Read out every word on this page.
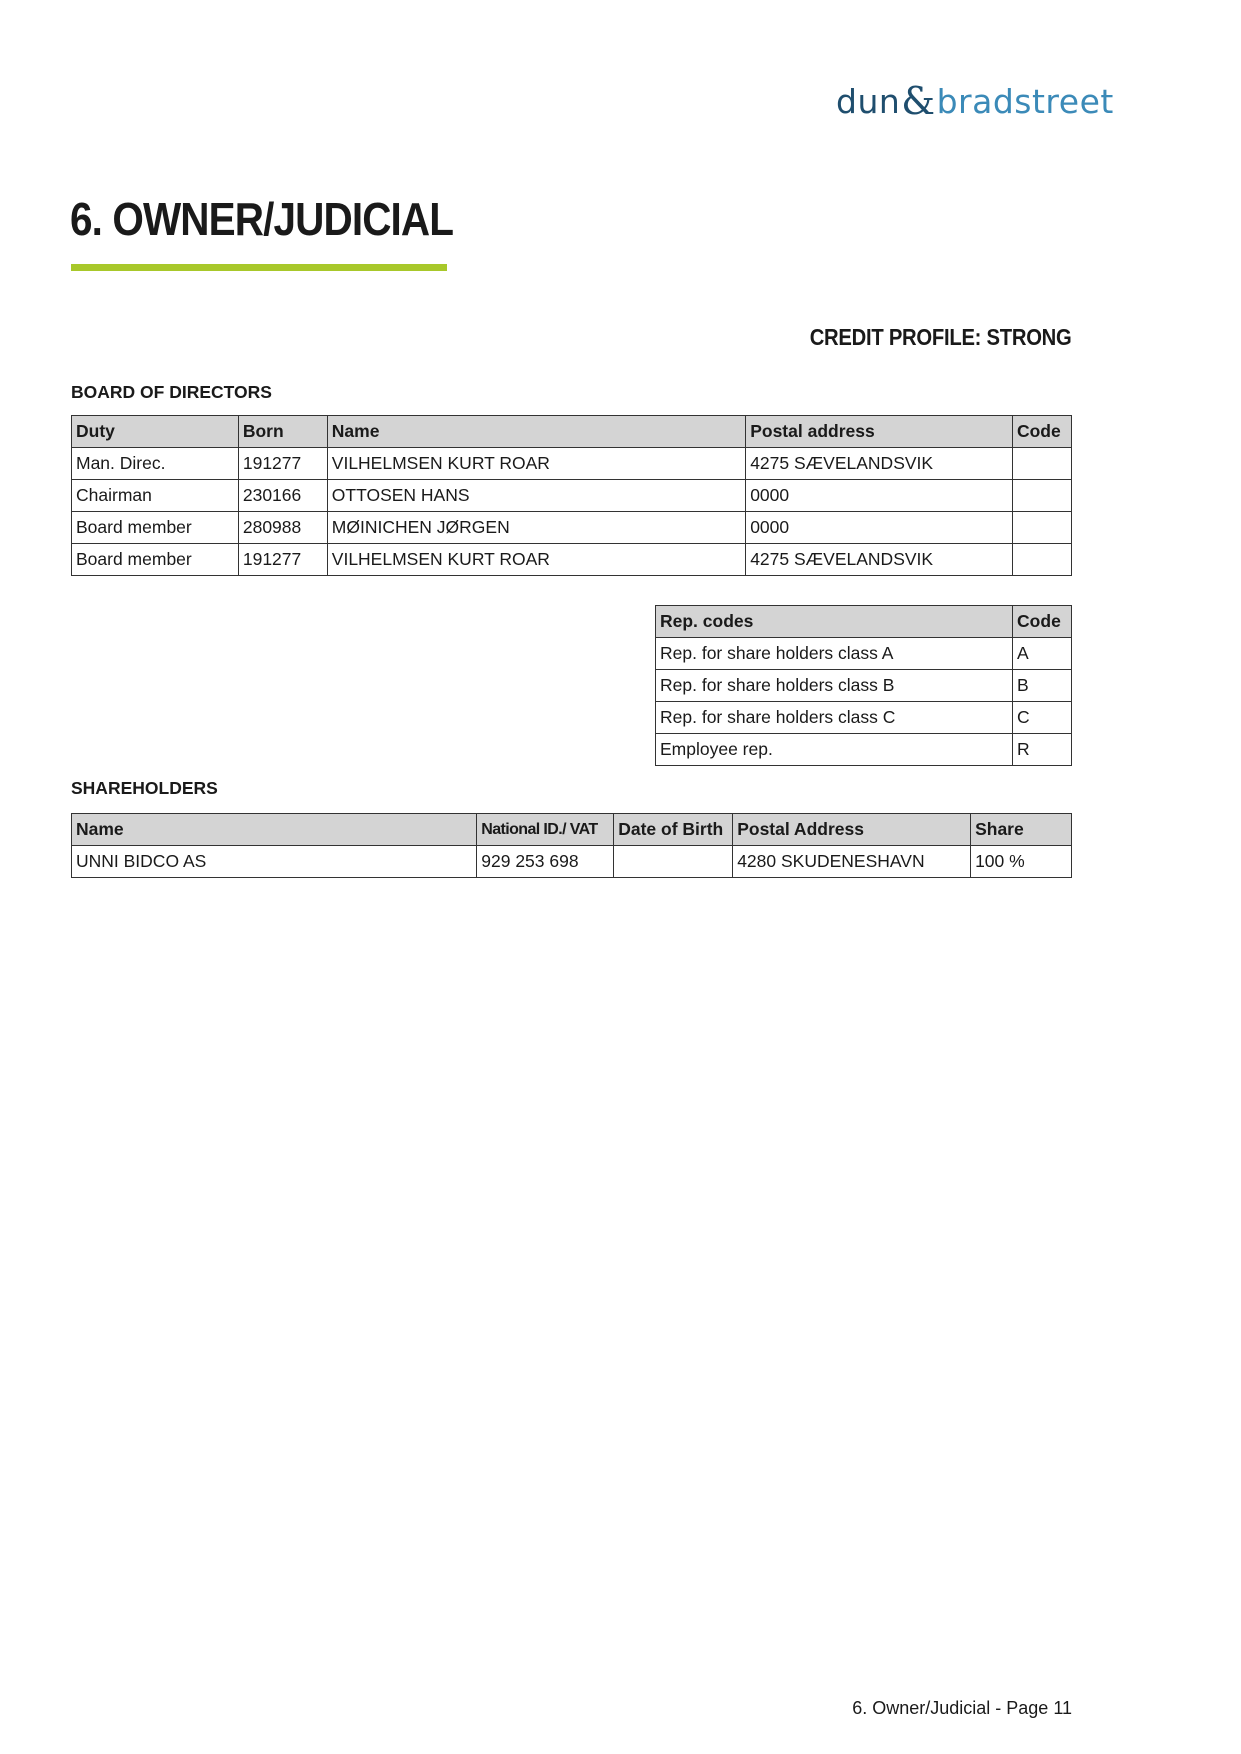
dun & bradstreet
6. OWNER/JUDICIAL
CREDIT PROFILE: STRONG
BOARD OF DIRECTORS
Duty	Born	Name	Postal address	Code
Man. Direc.	191277	VILHELMSEN KURT ROAR	4275 SÆVELANDSVIK	
Chairman	230166	OTTOSEN HANS	0000	
Board member	280988	MØINICHEN JØRGEN	0000	
Board member	191277	VILHELMSEN KURT ROAR	4275 SÆVELANDSVIK	
Rep. codes	Code
Rep. for share holders class A	A
Rep. for share holders class B	B
Rep. for share holders class C	C
Employee rep.	R
SHAREHOLDERS
Name	National ID./ VAT	Date of Birth	Postal Address	Share
UNNI BIDCO AS	929 253 698		4280 SKUDENESHAVN	100 %
6. Owner/Judicial - Page 11
